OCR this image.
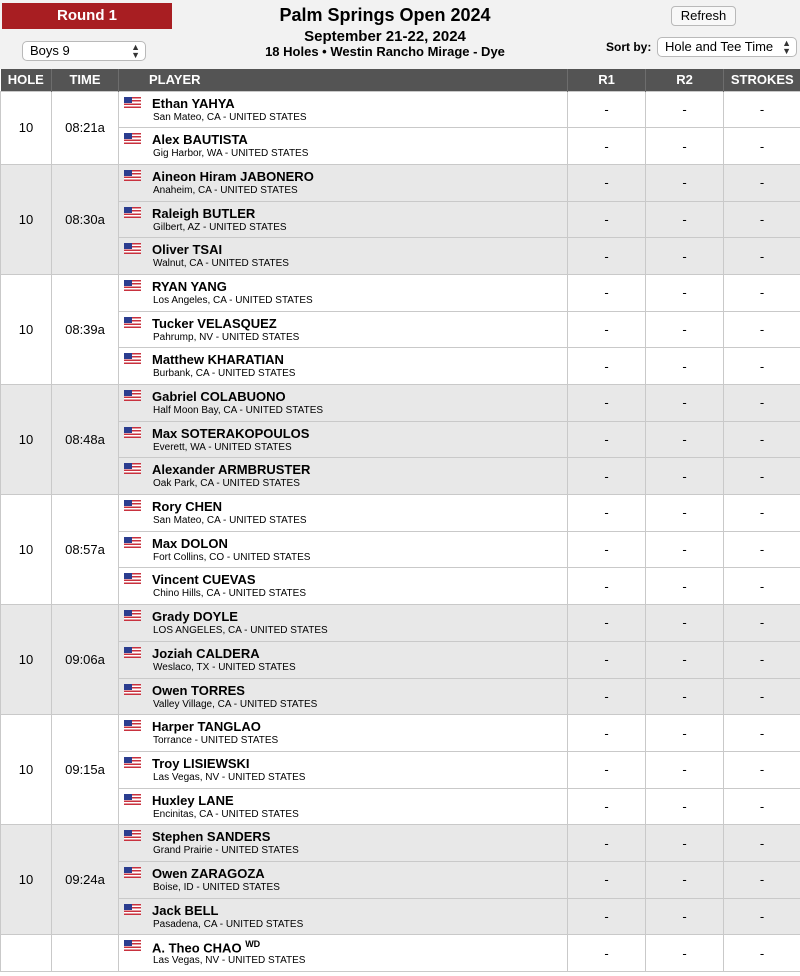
Round 1
Boys 9	▲
▼
Palm Springs Open 2024
September 21-22, 2024
18 Holes • Westin Rancho Mirage - Dye
Refresh
Sort by:	Hole and Tee Time ▲
▼
HOLE	TIME	PLAYER	R1	R2	STROKES
10	08:21a	Ethan YAHYA
San Mateo, CA - UNITED STATES	-	-	-

		Alex BAUTISTA
Gig Harbor, WA - UNITED STATES	-	-	-
10	08:30a	Aineon Hiram JABONERO
Anaheim, CA - UNITED STATES	-	-	-

		Raleigh BUTLER
Gilbert, AZ - UNITED STATES	-	-	-

		Oliver TSAI
Walnut, CA - UNITED STATES	-	-	-
10	08:39a	RYAN YANG
Los Angeles, CA - UNITED STATES	-	-	-

		Tucker VELASQUEZ
Pahrump, NV - UNITED STATES	-	-	-

		Matthew KHARATIAN
Burbank, CA - UNITED STATES	-	-	-
10	08:48a	Gabriel COLABUONO
Half Moon Bay, CA - UNITED STATES	-	-	-

		Max SOTERAKOPOULOS
Everett, WA - UNITED STATES	-	-	-

		Alexander ARMBRUSTER
Oak Park, CA - UNITED STATES	-	-	-
10	08:57a	Rory CHEN
San Mateo, CA - UNITED STATES	-	-	-

		Max DOLON
Fort Collins, CO - UNITED STATES	-	-	-

		Vincent CUEVAS
Chino Hills, CA - UNITED STATES	-	-	-
10	09:06a	Grady DOYLE
LOS ANGELES, CA - UNITED STATES	-	-	-

		Joziah CALDERA
Weslaco, TX - UNITED STATES	-	-	-

		Owen TORRES
Valley Village, CA - UNITED STATES	-	-	-
10	09:15a	Harper TANGLAO
Torrance - UNITED STATES	-	-	-

		Troy LISIEWSKI
Las Vegas, NV - UNITED STATES	-	-	-

		Huxley LANE
Encinitas, CA - UNITED STATES	-	-	-
10	09:24a	Stephen SANDERS
Grand Prairie - UNITED STATES	-	-	-

		Owen ZARAGOZA
Boise, ID - UNITED STATES	-	-	-

		Jack BELL
Pasadena, CA - UNITED STATES	-	-	-

		A. Theo CHAO $^{WD}$
Las Vegas, NV - UNITED STATES	-	-	-
